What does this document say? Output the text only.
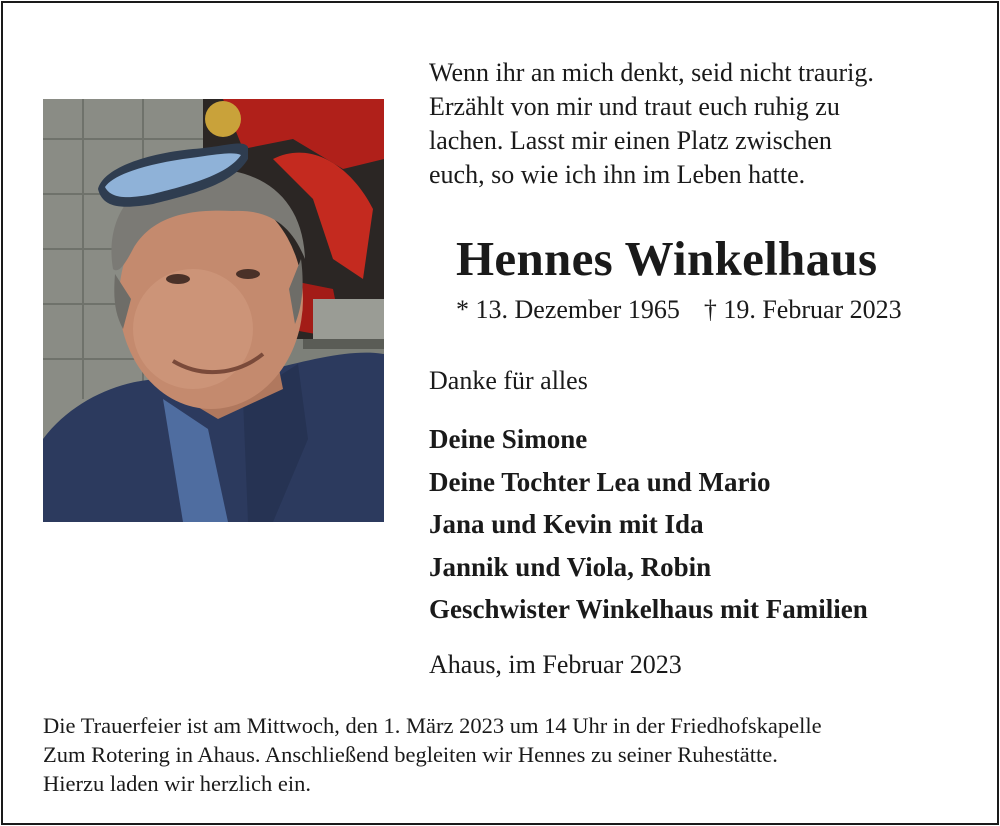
Wenn ihr an mich denkt, seid nicht traurig.
Erzählt von mir und traut euch ruhig zu
lachen. Lasst mir einen Platz zwischen
euch, so wie ich ihn im Leben hatte.
Hennes Winkelhaus
* 13. Dezember 1965 † 19. Februar 2023
Danke für alles
Deine Simone
Deine Tochter Lea und Mario
Jana und Kevin mit Ida
Jannik und Viola, Robin
Geschwister Winkelhaus mit Familien
Ahaus, im Februar 2023
Die Trauerfeier ist am Mittwoch, den 1. März 2023 um 14 Uhr in der Friedhofskapelle
Zum Rotering in Ahaus. Anschließend begleiten wir Hennes zu seiner Ruhestätte.
Hierzu laden wir herzlich ein.
